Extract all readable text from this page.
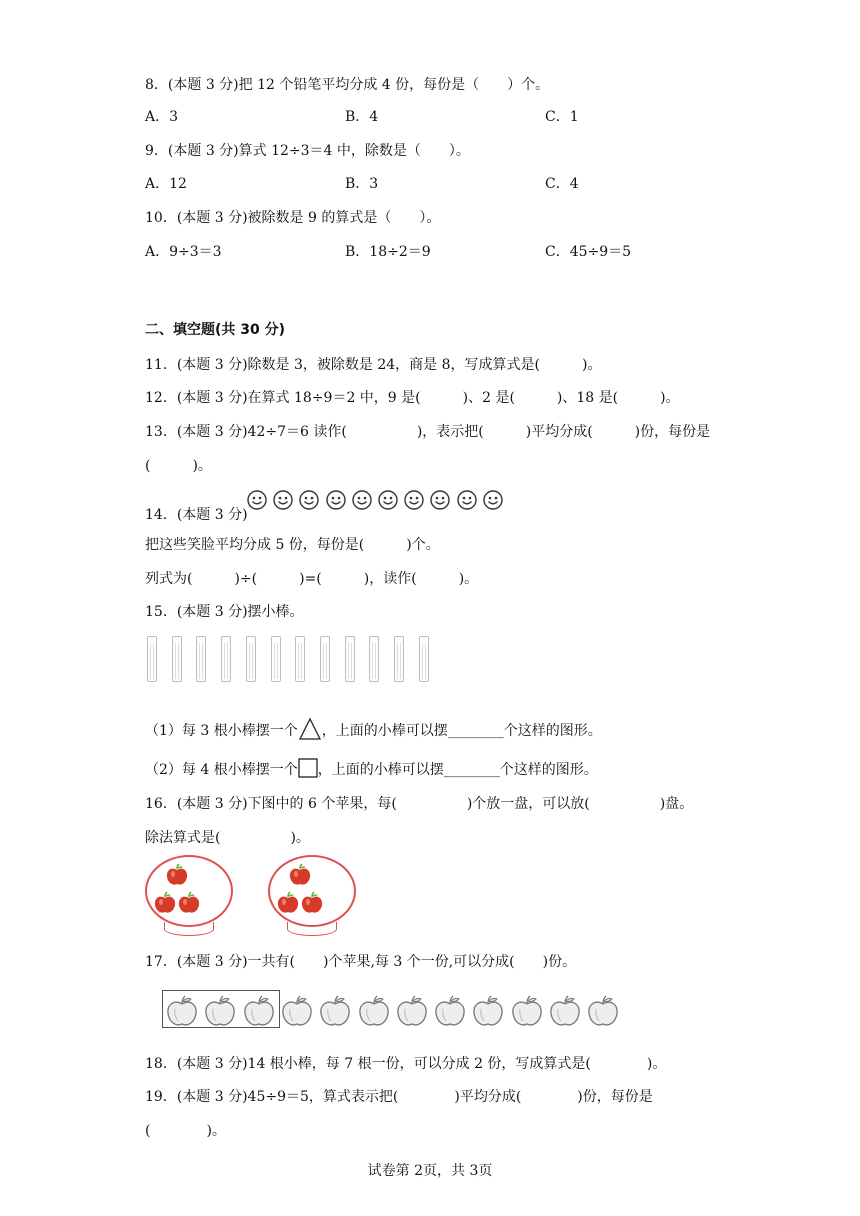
8．(本题 3 分)把 12 个铅笔平均分成 4 份，每份是（　　）个。
A．3	B．4	C．1
9．(本题 3 分)算式 12÷3＝4 中，除数是（　　）。
A．12	B．3	C．4
10．(本题 3 分)被除数是 9 的算式是（　　）。
A．9÷3＝3	B．18÷2＝9	C．45÷9＝5
二、填空题(共 30 分)
11．(本题 3 分)除数是 3，被除数是 24，商是 8，写成算式是(　　　)。
12．(本题 3 分)在算式 18÷9＝2 中，9 是(　　　)、2 是(　　　)、18 是(　　　)。
13．(本题 3 分)42÷7＝6 读作(　　　　　)，表示把(　　　)平均分成(　　　)份，每份是
(　　　)。
14．(本题 3 分)
把这些笑脸平均分成 5 份，每份是(　　　)个。
列式为(　　　)÷(　　　)=(　　　)，读作(　　　)。
15．(本题 3 分)摆小棒。
（1）每 3 根小棒摆一个 ，上面的小棒可以摆________个这样的图形。
（2）每 4 根小棒摆一个 ，上面的小棒可以摆________个这样的图形。
16．(本题 3 分)下图中的 6 个苹果，每(　　　　　)个放一盘，可以放(　　　　　)盘。
除法算式是(　　　　　)。
17．(本题 3 分)一共有(　　)个苹果,每 3 个一份,可以分成(　　)份。
18．(本题 3 分)14 根小棒，每 7 根一份，可以分成 2 份，写成算式是(　　　　)。
19．(本题 3 分)45÷9＝5，算式表示把(　　　　)平均分成(　　　　)份，每份是
(　　　　)。
试卷第 2页，共 3页
